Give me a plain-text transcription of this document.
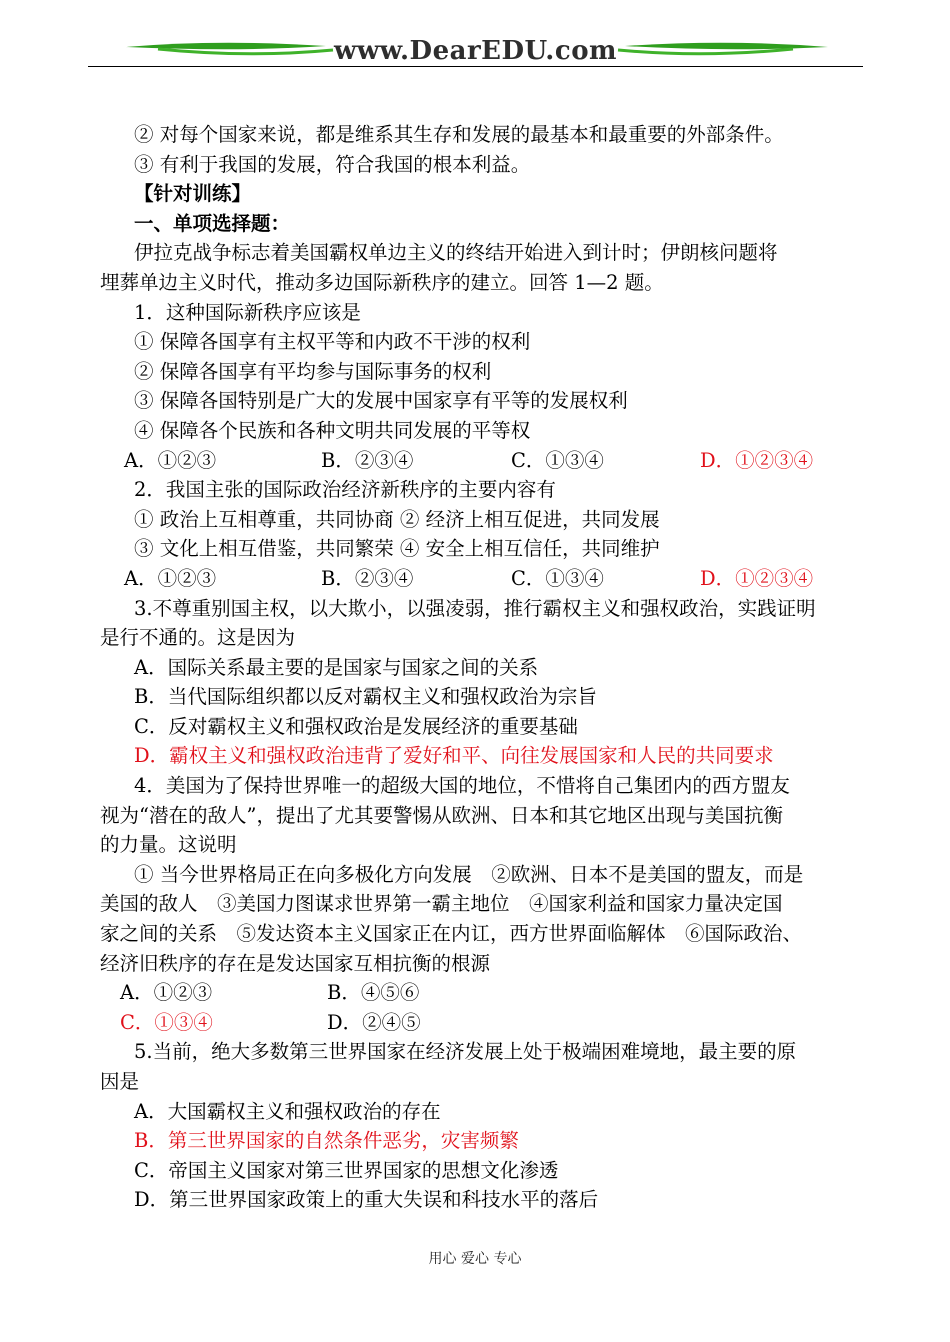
www.DearEDU.com
② 对每个国家来说，都是维系其生存和发展的最基本和最重要的外部条件。
③ 有利于我国的发展，符合我国的根本利益。
【针对训练】
一、单项选择题：
伊拉克战争标志着美国霸权单边主义的终结开始进入到计时；伊朗核问题将
埋葬单边主义时代，推动多边国际新秩序的建立。回答 1—2 题。
1．这种国际新秩序应该是
① 保障各国享有主权平等和内政不干涉的权利
② 保障各国享有平均参与国际事务的权利
③ 保障各国特别是广大的发展中国家享有平等的发展权利
④ 保障各个民族和各种文明共同发展的平等权
A．①②③	B．②③④	C．①③④	D．①②③④
2．我国主张的国际政治经济新秩序的主要内容有
① 政治上互相尊重，共同协商 ② 经济上相互促进，共同发展
③ 文化上相互借鉴，共同繁荣 ④ 安全上相互信任，共同维护
A．①②③	B．②③④	C．①③④	D．①②③④
3.不尊重别国主权，以大欺小，以强凌弱，推行霸权主义和强权政治，实践证明
是行不通的。这是因为
A．国际关系最主要的是国家与国家之间的关系
B．当代国际组织都以反对霸权主义和强权政治为宗旨
C．反对霸权主义和强权政治是发展经济的重要基础
D．霸权主义和强权政治违背了爱好和平、向往发展国家和人民的共同要求
4．美国为了保持世界唯一的超级大国的地位，不惜将自己集团内的西方盟友
视为“潜在的敌人”，提出了尤其要警惕从欧洲、日本和其它地区出现与美国抗衡
的力量。这说明
① 当今世界格局正在向多极化方向发展　②欧洲、日本不是美国的盟友，而是
美国的敌人　③美国力图谋求世界第一霸主地位　④国家利益和国家力量决定国
家之间的关系　⑤发达资本主义国家正在内讧，西方世界面临解体　⑥国际政治、
经济旧秩序的存在是发达国家互相抗衡的根源
A．①②③	B．④⑤⑥
C．①③④	D．②④⑤
5.当前，绝大多数第三世界国家在经济发展上处于极端困难境地，最主要的原
因是
A．大国霸权主义和强权政治的存在
B．第三世界国家的自然条件恶劣，灾害频繁
C．帝国主义国家对第三世界国家的思想文化渗透
D．第三世界国家政策上的重大失误和科技水平的落后
用心 爱心 专心
